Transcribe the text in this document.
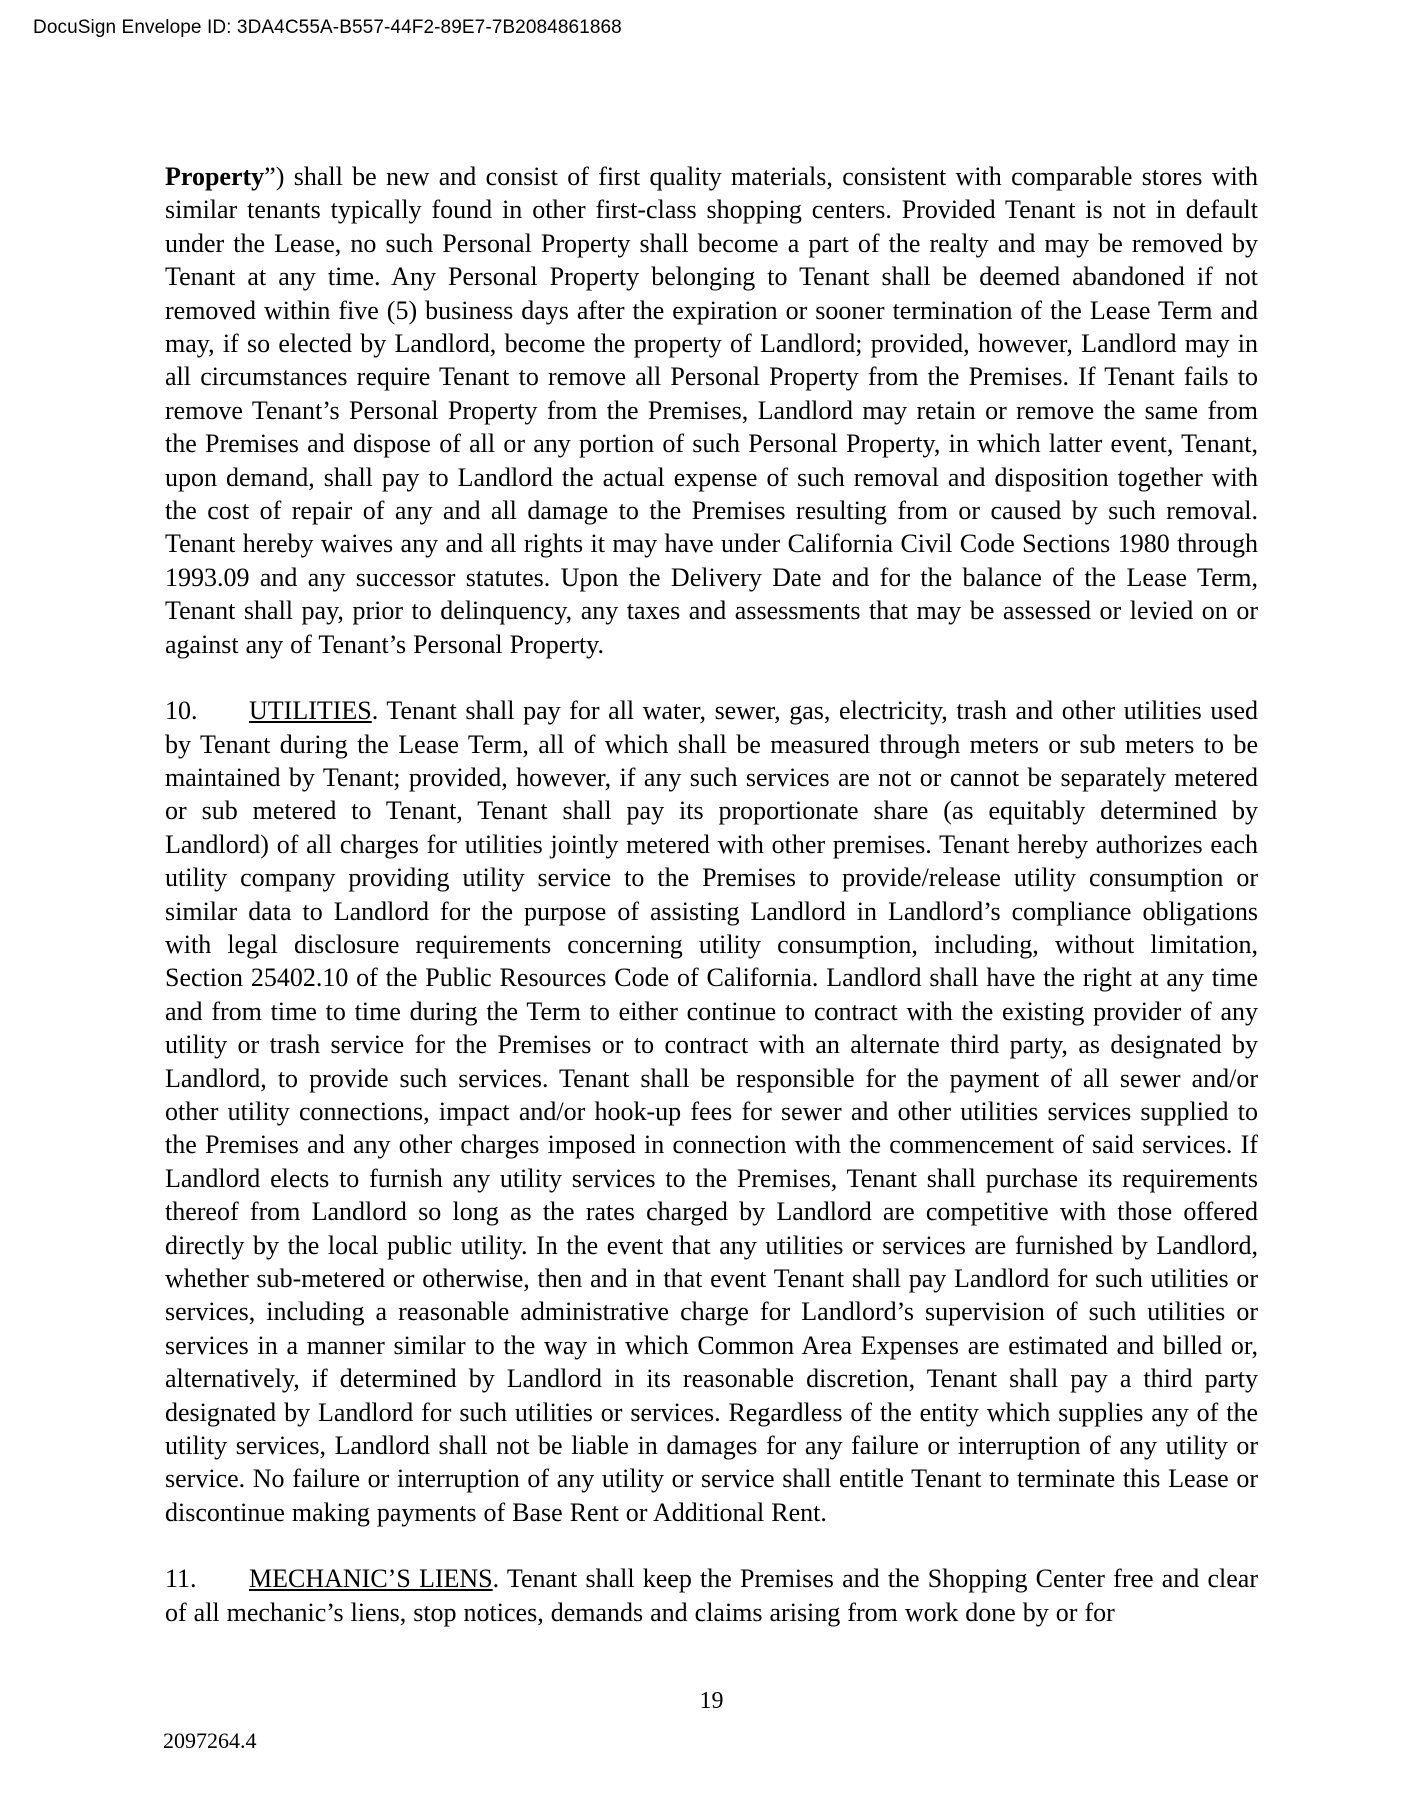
DocuSign Envelope ID: 3DA4C55A-B557-44F2-89E7-7B2084861868

Property”) shall be new and consist of first quality materials, consistent with comparable stores with similar tenants typically found in other first-class shopping centers. Provided Tenant is not in default under the Lease, no such Personal Property shall become a part of the realty and may be removed by Tenant at any time. Any Personal Property belonging to Tenant shall be deemed abandoned if not removed within five (5) business days after the expiration or sooner termination of the Lease Term and may, if so elected by Landlord, become the property of Landlord; provided, however, Landlord may in all circumstances require Tenant to remove all Personal Property from the Premises. If Tenant fails to remove Tenant’s Personal Property from the Premises, Landlord may retain or remove the same from the Premises and dispose of all or any portion of such Personal Property, in which latter event, Tenant, upon demand, shall pay to Landlord the actual expense of such removal and disposition together with the cost of repair of any and all damage to the Premises resulting from or caused by such removal. Tenant hereby waives any and all rights it may have under California Civil Code Sections 1980 through 1993.09 and any successor statutes. Upon the Delivery Date and for the balance of the Lease Term, Tenant shall pay, prior to delinquency, any taxes and assessments that may be assessed or levied on or against any of Tenant’s Personal Property.

10. UTILITIES. Tenant shall pay for all water, sewer, gas, electricity, trash and other utilities used by Tenant during the Lease Term, all of which shall be measured through meters or sub meters to be maintained by Tenant; provided, however, if any such services are not or cannot be separately metered or sub metered to Tenant, Tenant shall pay its proportionate share (as equitably determined by Landlord) of all charges for utilities jointly metered with other premises. Tenant hereby authorizes each utility company providing utility service to the Premises to provide/release utility consumption or similar data to Landlord for the purpose of assisting Landlord in Landlord’s compliance obligations with legal disclosure requirements concerning utility consumption, including, without limitation, Section 25402.10 of the Public Resources Code of California. Landlord shall have the right at any time and from time to time during the Term to either continue to contract with the existing provider of any utility or trash service for the Premises or to contract with an alternate third party, as designated by Landlord, to provide such services. Tenant shall be responsible for the payment of all sewer and/or other utility connections, impact and/or hook-up fees for sewer and other utilities services supplied to the Premises and any other charges imposed in connection with the commencement of said services. If Landlord elects to furnish any utility services to the Premises, Tenant shall purchase its requirements thereof from Landlord so long as the rates charged by Landlord are competitive with those offered directly by the local public utility. In the event that any utilities or services are furnished by Landlord, whether sub-metered or otherwise, then and in that event Tenant shall pay Landlord for such utilities or services, including a reasonable administrative charge for Landlord’s supervision of such utilities or services in a manner similar to the way in which Common Area Expenses are estimated and billed or, alternatively, if determined by Landlord in its reasonable discretion, Tenant shall pay a third party designated by Landlord for such utilities or services. Regardless of the entity which supplies any of the utility services, Landlord shall not be liable in damages for any failure or interruption of any utility or service. No failure or interruption of any utility or service shall entitle Tenant to terminate this Lease or discontinue making payments of Base Rent or Additional Rent.

11. MECHANIC’S LIENS. Tenant shall keep the Premises and the Shopping Center free and clear of all mechanic’s liens, stop notices, demands and claims arising from work done by or for

19
2097264.4
